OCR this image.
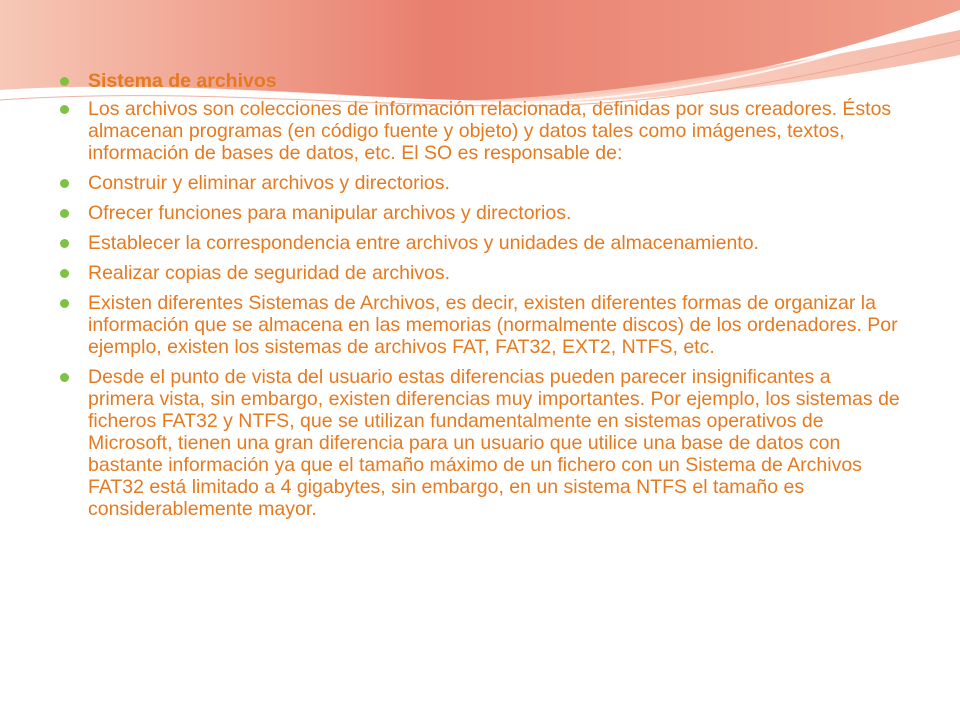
Sistema de archivos
Los archivos son colecciones de información relacionada, definidas por sus creadores. Éstos almacenan programas (en código fuente y objeto) y datos tales como imágenes, textos, información de bases de datos, etc. El SO es responsable de:
Construir y eliminar archivos y directorios.
Ofrecer funciones para manipular archivos y directorios.
Establecer la correspondencia entre archivos y unidades de almacenamiento.
Realizar copias de seguridad de archivos.
Existen diferentes Sistemas de Archivos, es decir, existen diferentes formas de organizar la información que se almacena en las memorias (normalmente discos) de los ordenadores. Por ejemplo, existen los sistemas de archivos FAT, FAT32, EXT2, NTFS, etc.
Desde el punto de vista del usuario estas diferencias pueden parecer insignificantes a primera vista, sin embargo, existen diferencias muy importantes. Por ejemplo, los sistemas de ficheros FAT32 y NTFS, que se utilizan fundamentalmente en sistemas operativos de Microsoft, tienen una gran diferencia para un usuario que utilice una base de datos con bastante información ya que el tamaño máximo de un fichero con un Sistema de Archivos FAT32 está limitado a 4 gigabytes, sin embargo, en un sistema NTFS el tamaño es considerablemente mayor.
